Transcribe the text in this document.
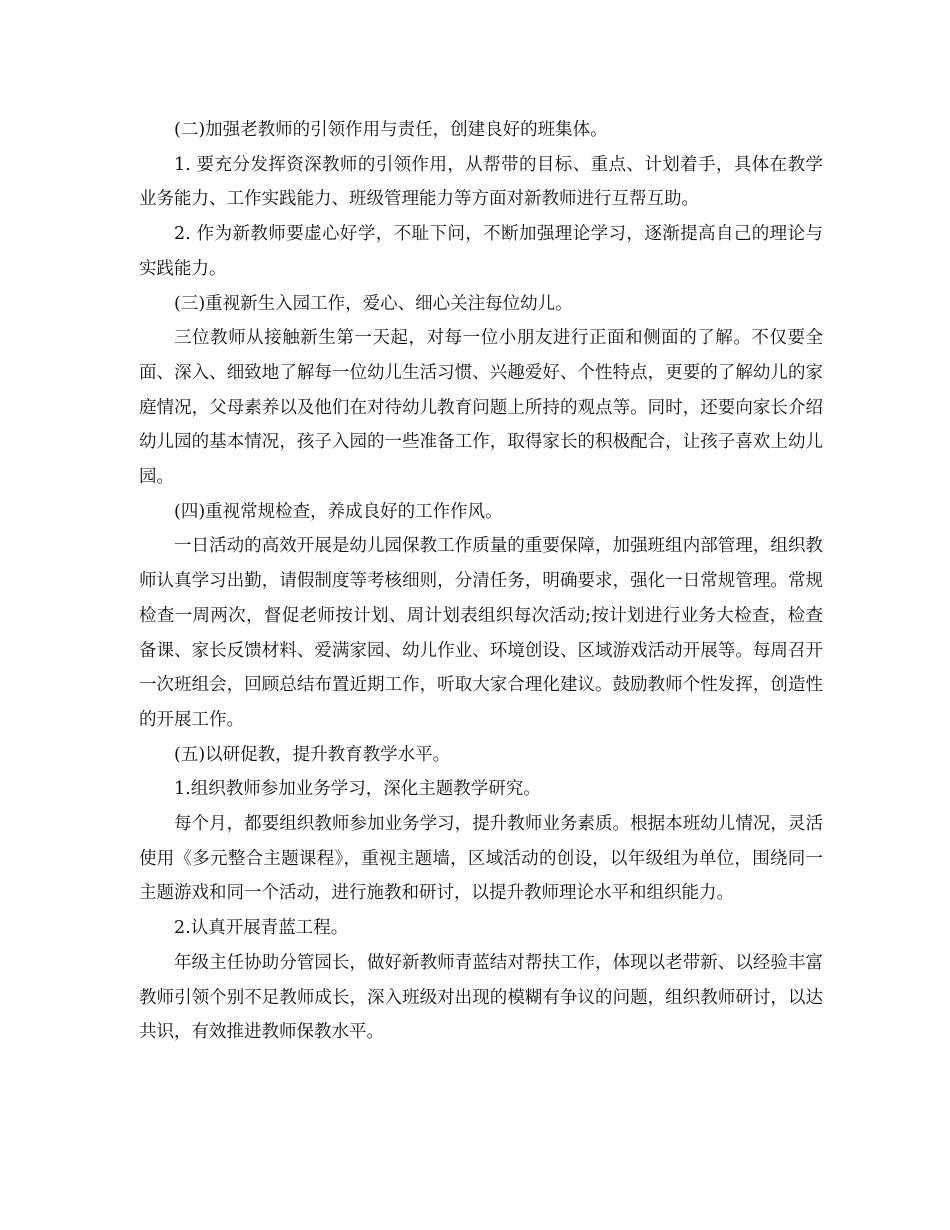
(二)加强老教师的引领作用与责任，创建良好的班集体。

1. 要充分发挥资深教师的引领作用，从帮带的目标、重点、计划着手，具体在教学业务能力、工作实践能力、班级管理能力等方面对新教师进行互帮互助。

2. 作为新教师要虚心好学，不耻下问，不断加强理论学习，逐渐提高自己的理论与实践能力。

(三)重视新生入园工作，爱心、细心关注每位幼儿。

三位教师从接触新生第一天起，对每一位小朋友进行正面和侧面的了解。不仅要全面、深入、细致地了解每一位幼儿生活习惯、兴趣爱好、个性特点，更要的了解幼儿的家庭情况，父母素养以及他们在对待幼儿教育问题上所持的观点等。同时，还要向家长介绍幼儿园的基本情况，孩子入园的一些准备工作，取得家长的积极配合，让孩子喜欢上幼儿园。

(四)重视常规检查，养成良好的工作作风。

一日活动的高效开展是幼儿园保教工作质量的重要保障，加强班组内部管理，组织教师认真学习出勤，请假制度等考核细则，分清任务，明确要求，强化一日常规管理。常规检查一周两次，督促老师按计划、周计划表组织每次活动;按计划进行业务大检查，检查备课、家长反馈材料、爱满家园、幼儿作业、环境创设、区域游戏活动开展等。每周召开一次班组会，回顾总结布置近期工作，听取大家合理化建议。鼓励教师个性发挥，创造性的开展工作。

(五)以研促教，提升教育教学水平。

1.组织教师参加业务学习，深化主题教学研究。

每个月，都要组织教师参加业务学习，提升教师业务素质。根据本班幼儿情况，灵活使用《多元整合主题课程》，重视主题墙，区域活动的创设，以年级组为单位，围绕同一主题游戏和同一个活动，进行施教和研讨，以提升教师理论水平和组织能力。

2.认真开展青蓝工程。

年级主任协助分管园长，做好新教师青蓝结对帮扶工作，体现以老带新、以经验丰富教师引领个别不足教师成长，深入班级对出现的模糊有争议的问题，组织教师研讨，以达共识，有效推进教师保教水平。
